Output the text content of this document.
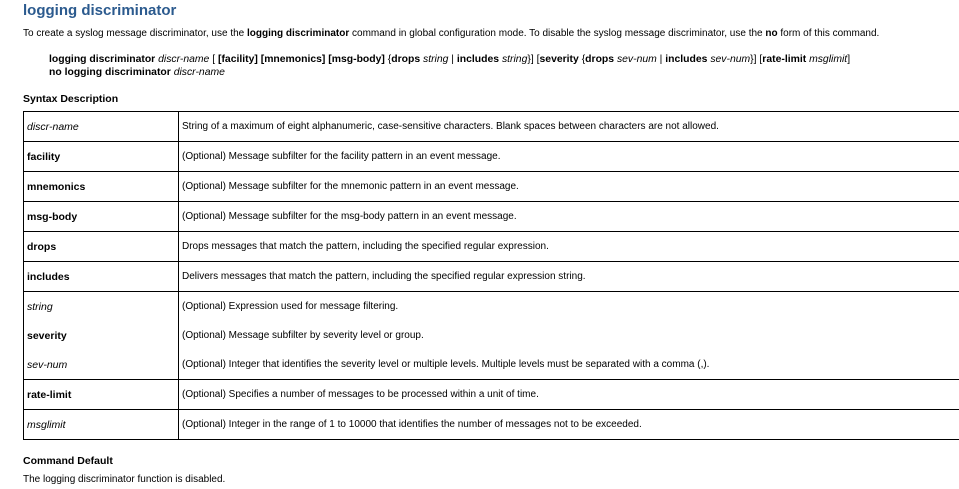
logging discriminator
To create a syslog message discriminator, use the logging discriminator command in global configuration mode. To disable the syslog message discriminator, use the no form of this command.
logging discriminator discr-name [ [facility] [mnemonics] [msg-body] {drops string | includes string}] [severity {drops sev-num | includes sev-num}] [rate-limit msglimit]
no logging discriminator discr-name
Syntax Description
discr-name	String of a maximum of eight alphanumeric, case-sensitive characters. Blank spaces between characters are not allowed.
facility	(Optional) Message subfilter for the facility pattern in an event message.
mnemonics	(Optional) Message subfilter for the mnemonic pattern in an event message.
msg-body	(Optional) Message subfilter for the msg-body pattern in an event message.
drops	Drops messages that match the pattern, including the specified regular expression.
includes	Delivers messages that match the pattern, including the specified regular expression string.
string	(Optional) Expression used for message filtering.
severity	(Optional) Message subfilter by severity level or group.
sev-num	(Optional) Integer that identifies the severity level or multiple levels. Multiple levels must be separated with a comma (,).
rate-limit	(Optional) Specifies a number of messages to be processed within a unit of time.
msglimit	(Optional) Integer in the range of 1 to 10000 that identifies the number of messages not to be exceeded.
Command Default
The logging discriminator function is disabled.
